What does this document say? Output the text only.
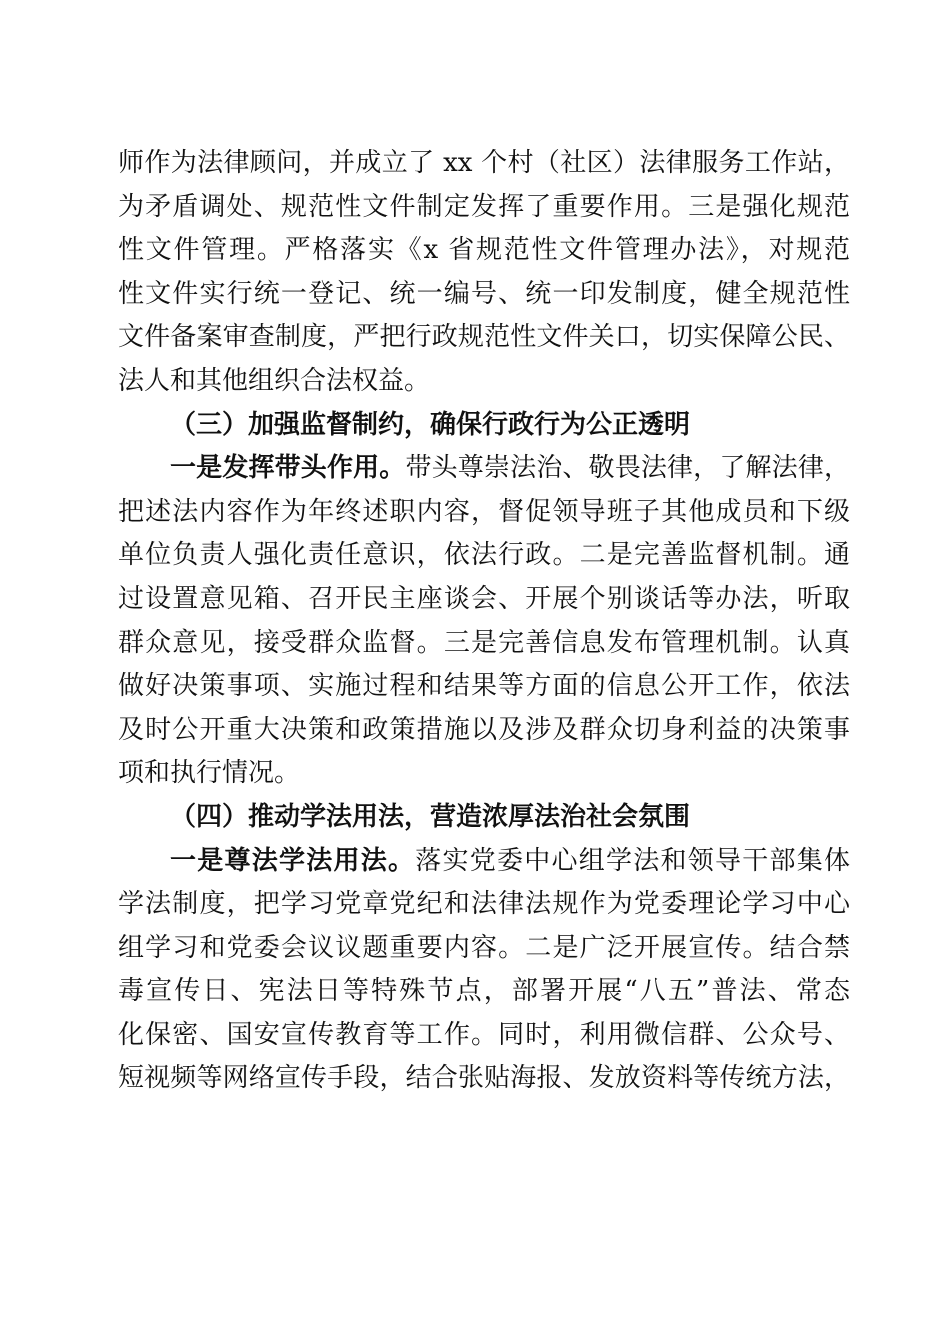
师作为法律顾问，并成立了 xx 个村（社区）法律服务工作站，
为矛盾调处、规范性文件制定发挥了重要作用。三是强化规范
性文件管理。严格落实《x 省规范性文件管理办法》，对规范
性文件实行统一登记、统一编号、统一印发制度，健全规范性
文件备案审查制度，严把行政规范性文件关口，切实保障公民、
法人和其他组织合法权益。
（三）加强监督制约，确保行政行为公正透明
一是发挥带头作用。带头尊崇法治、敬畏法律，了解法律，
把述法内容作为年终述职内容，督促领导班子其他成员和下级
单位负责人强化责任意识，依法行政。二是完善监督机制。通
过设置意见箱、召开民主座谈会、开展个别谈话等办法，听取
群众意见，接受群众监督。三是完善信息发布管理机制。认真
做好决策事项、实施过程和结果等方面的信息公开工作，依法
及时公开重大决策和政策措施以及涉及群众切身利益的决策事
项和执行情况。
（四）推动学法用法，营造浓厚法治社会氛围
一是尊法学法用法。落实党委中心组学法和领导干部集体
学法制度，把学习党章党纪和法律法规作为党委理论学习中心
组学习和党委会议议题重要内容。二是广泛开展宣传。结合禁
毒宣传日、宪法日等特殊节点，部署开展“八五”普法、常态
化保密、国安宣传教育等工作。同时，利用微信群、公众号、
短视频等网络宣传手段，结合张贴海报、发放资料等传统方法，
